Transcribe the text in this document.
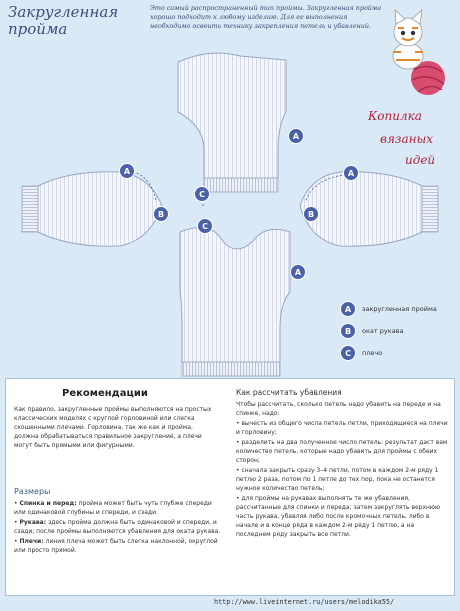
Закругленная
пройма
Это самый распространенный тип проймы. Закругленная пройма хорошо подходит к любому изделию. Для ее выполнения необходимо освоить технику закрепления петель и убавлений.
Копилка
вязаных
идей
A
A	A
C
B	B
C
A
A закругленная пройма
B окат рукава
C плечо
Рекомендации
Как правило, закругленные проймы выполняются на простых классических моделях с круглой горловиной или слегка скошенными плечами. Горловина, так же как и пройма, должна обрабатываться правильное закругление, а плечи могут быть прямыми или фигурными.
Размеры
• Спинка и перед: пройма может быть чуть глубже спереди или одинаковой глубины и спереди, и сзади.
• Рукава: здесь пройма должна быть одинаковой и спереди, и сзади; после проймы выполняются убавления для оката рукава.
• Плечи: линия плеча может быть слегка наклонной, округлой или просто прямой.
Как рассчитать убавления
Чтобы рассчитать, сколько петель надо убавить на переде и на спинке, надо:
• вычесть из общего числа петель петли, приходящиеся на плечи и горловину;
• разделить на два полученное число петель: результат даст вам количество петель, которые надо убавить для проймы с обеих сторон;
• сначала закрыть сразу 3–4 петли, потом в каждом 2-м ряду 1 петлю 2 раза, потом по 1 петле до тех пор, пока не останется нужное количество петель;
• для проймы на рукавах выполнять те же убавления, рассчитанные для спинки и переда; затем закруглять верхнюю часть рукава, убавляя либо после кромочных петель, либо в начале и в конце ряда в каждом 2-м ряду 1 петлю, а на последнем ряду закрыть все петли.
http://www.liveinternet.ru/users/melodika55/
